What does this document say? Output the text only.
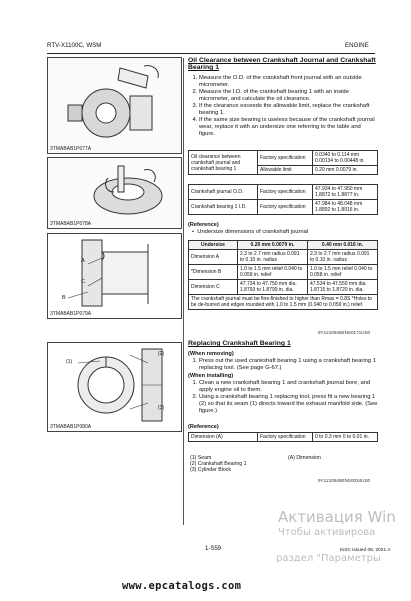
RTV-X1100C, WSM	ENGINE
3TMABAB1P077A
3TMABAB1P078A
A
C
B
3TMABAB1P079A
(1)
(2)
(3)
3TMABAB1P080A
Oil Clearance between Crankshaft Journal and Crankshaft
Bearing 1
1. Measure the O.D. of the crankshaft front journal with an outside micrometer.
2. Measure the I.D. of the crankshaft bearing 1 with an inside micrometer, and calculate the oil clearance.
3. If the clearance exceeds the allowable limit, replace the crankshaft bearing 1.
4. If the same size bearing is useless because of the crankshaft journal wear, replace it with an undersize one referring to the table and figure.
Oil clearance between crankshaft journal and crankshaft bearing 1	Factory specification	0.0340 to 0.114 mm 0.00134 to 0.00448 in.
	Allowable limit	0.20 mm 0.0079 in.
Crankshaft journal O.D.	Factory specification	47.934 to 47.950 mm 1.8872 to 1.8877 in.
Crankshaft bearing 1 I.D.	Factory specification	47.984 to 48.048 mm 1.8892 to 1.8916 in.
(Reference)
•  Undersize dimensions of crankshaft journal
Undersize	0.20 mm 0.0079 in.	0.40 mm 0.016 in.
Dimension A	2.3 to 2.7 mm radius 0.091 to 0.10 in. radius	2.3 to 2.7 mm radius 0.091 to 0.10 in. radius
*Dimension B	1.0 to 1.5 mm relief 0.040 to 0.059 in. relief	1.0 to 1.5 mm relief 0.040 to 0.058 in. relief
Dimension C	47.734 to 47.750 mm dia. 1.8793 to 1.8799 in. dia.	47.534 to 47.550 mm dia. 1.8715 to 1.8720 in. dia.
The crankshaft journal must be fine-finished to higher than Rmax = 0.8S *Holes to be de-burred and edges rounded with 1.0 to 1.5 mm (0.040 to 0.059 in.) relief.		
9Y1210948ENS0171US0
Replacing Crankshaft Bearing 1
(When removing)
1. Press out the used crankshaft bearing 1 using a crankshaft bearing 1 replacing tool. (See page G-67.)
(When installing)
1. Clean a new crankshaft bearing 1 and crankshaft journal bore, and apply engine oil to them.
2. Using a crankshaft bearing 1 replacing tool, press fit a new bearing 1 (2) so that its seam (1) directs toward the exhaust manifold side. (See figure.)
(Reference)
Dimension (A)	Factory specification	0 to 0.3 mm 0 to 0.01 in.
(1) Seam
(2) Crankshaft Bearing 1
(3) Cylinder Block
(A) Dimension
9Y1210948ENS0034US0
1-S59	KiSC issued 08, 2021 A
Активация Win
Чтобы активирова
раздел "Параметры
www.epcatalogs.com
